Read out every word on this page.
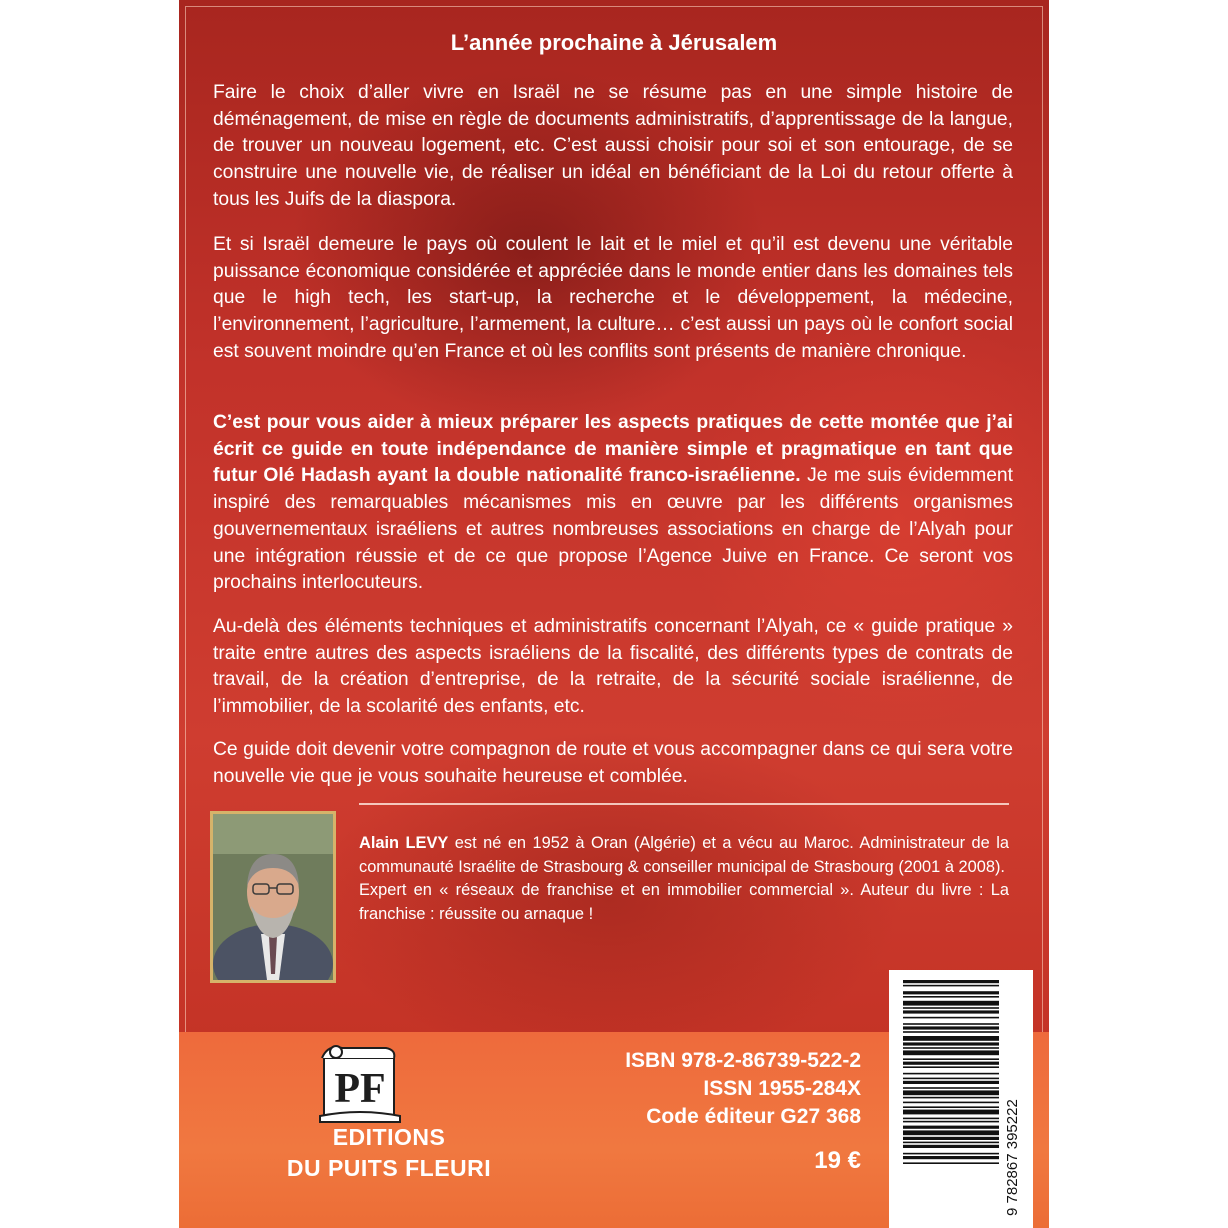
L’année prochaine à Jérusalem
Faire le choix d’aller vivre en Israël ne se résume pas en une simple histoire de déménagement, de mise en règle de documents administratifs, d’apprentissage de la langue, de trouver un nouveau logement, etc. C’est aussi choisir pour soi et son entourage, de se construire une nouvelle vie, de réaliser un idéal en bénéficiant de la Loi du retour offerte à tous les Juifs de la diaspora.
Et si Israël demeure le pays où coulent le lait et le miel et qu’il est devenu une véritable puissance économique considérée et appréciée dans le monde entier dans les domaines tels que le high tech, les start-up, la recherche et le développement, la médecine, l’environnement, l’agriculture, l’armement, la culture… c’est aussi un pays où le confort social est souvent moindre qu’en France et où les conflits sont présents de manière chronique.
C’est pour vous aider à mieux préparer les aspects pratiques de cette montée que j’ai écrit ce guide en toute indépendance de manière simple et pragmatique en tant que futur Olé Hadash ayant la double nationalité franco-israélienne. Je me suis évidemment inspiré des remarquables mécanismes mis en œuvre par les différents organismes gouvernementaux israéliens et autres nombreuses associations en charge de l’Alyah pour une intégration réussie et de ce que propose l’Agence Juive en France. Ce seront vos prochains interlocuteurs.
Au-delà des éléments techniques et administratifs concernant l’Alyah, ce « guide pratique » traite entre autres des aspects israéliens de la fiscalité, des différents types de contrats de travail, de la création d’entreprise, de la retraite, de la sécurité sociale israélienne, de l’immobilier, de la scolarité des enfants, etc.
Ce guide doit devenir votre compagnon de route et vous accompagner dans ce qui sera votre nouvelle vie que je vous souhaite heureuse et comblée.
Alain LEVY est né en 1952 à Oran (Algérie) et a vécu au Maroc. Administrateur de la communauté Israélite de Strasbourg & conseiller municipal de Strasbourg (2001 à 2008).
Expert en « réseaux de franchise et en immobilier commercial ». Auteur du livre : La franchise : réussite ou arnaque !
PF
EDITIONS
DU PUITS FLEURI
ISBN 978-2-86739-522-2
ISSN 1955-284X
Code éditeur G27 368
19 €	9 782867 395222
